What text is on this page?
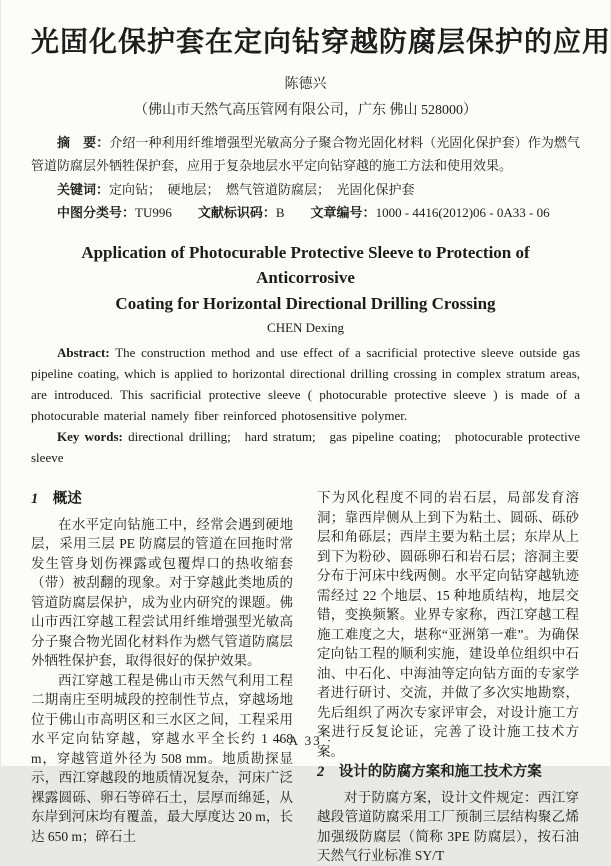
光固化保护套在定向钻穿越防腐层保护的应用
陈德兴
（佛山市天然气高压管网有限公司，广东 佛山 528000）

摘　要：介绍一种利用纤维增强型光敏高分子聚合物光固化材料（光固化保护套）作为燃气管道防腐层外牺牲保护套，应用于复杂地层水平定向钻穿越的施工方法和使用效果。

关键词：定向钻；　硬地层；　燃气管道防腐层；　光固化保护套

中图分类号：TU996 文献标识码：B 文章编号：1000 - 4416(2012)06 - 0A33 - 06

Application of Photocurable Protective Sleeve to Protection of Anticorrosive
Coating for Horizontal Directional Drilling Crossing
CHEN Dexing

Abstract: The construction method and use effect of a sacrificial protective sleeve outside gas pipeline coating, which is applied to horizontal directional drilling crossing in complex stratum areas, are introduced. This sacrificial protective sleeve ( photocurable protective sleeve ) is made of a photocurable material namely fiber reinforced photosensitive polymer.

Key words: directional drilling;　hard stratum;　gas pipeline coating;　photocurable protective sleeve

1　概述

在水平定向钻施工中，经常会遇到硬地层，采用三层 PE 防腐层的管道在回拖时常发生管身划伤裸露或包覆焊口的热收缩套（带）被刮翻的现象。对于穿越此类地质的管道防腐层保护，成为业内研究的课题。佛山市西江穿越工程尝试用纤维增强型光敏高分子聚合物光固化材料作为燃气管道防腐层外牺牲保护套，取得很好的保护效果。

西江穿越工程是佛山市天然气利用工程二期南庄至明城段的控制性节点，穿越场地位于佛山市高明区和三水区之间，工程采用水平定向钻穿越，穿越水平全长约 1 468 m，穿越管道外径为 508 mm。地质勘探显示，西江穿越段的地质情况复杂，河床广泛裸露圆砾、卵石等碎石土，层厚而绵延，从东岸到河床均有覆盖，最大厚度达 20 m，长达 650 m；碎石土

下为风化程度不同的岩石层，局部发育溶洞；靠西岸侧从上到下为粘土、圆砾、砾砂层和角砾层；西岸主要为粘土层；东岸从上到下为粉砂、圆砾卵石和岩石层；溶洞主要分布于河床中线两侧。水平定向钻穿越轨迹需经过 22 个地层、15 种地质结构，地层交错，变换频繁。业界专家称，西江穿越工程施工难度之大，堪称“亚洲第一难”。为确保定向钻工程的顺利实施，建设单位组织中石油、中石化、中海油等定向钻方面的专家学者进行研讨、交流，并做了多次实地勘察，先后组织了两次专家评审会，对设计施工方案进行反复论证，完善了设计施工技术方案。

2　设计的防腐方案和施工技术方案

对于防腐方案，设计文件规定：西江穿越段管道防腐采用工厂预制三层结构聚乙烯加强级防腐层（简称 3PE 防腐层），按石油天然气行业标准 SY/T

· A 33 ·
